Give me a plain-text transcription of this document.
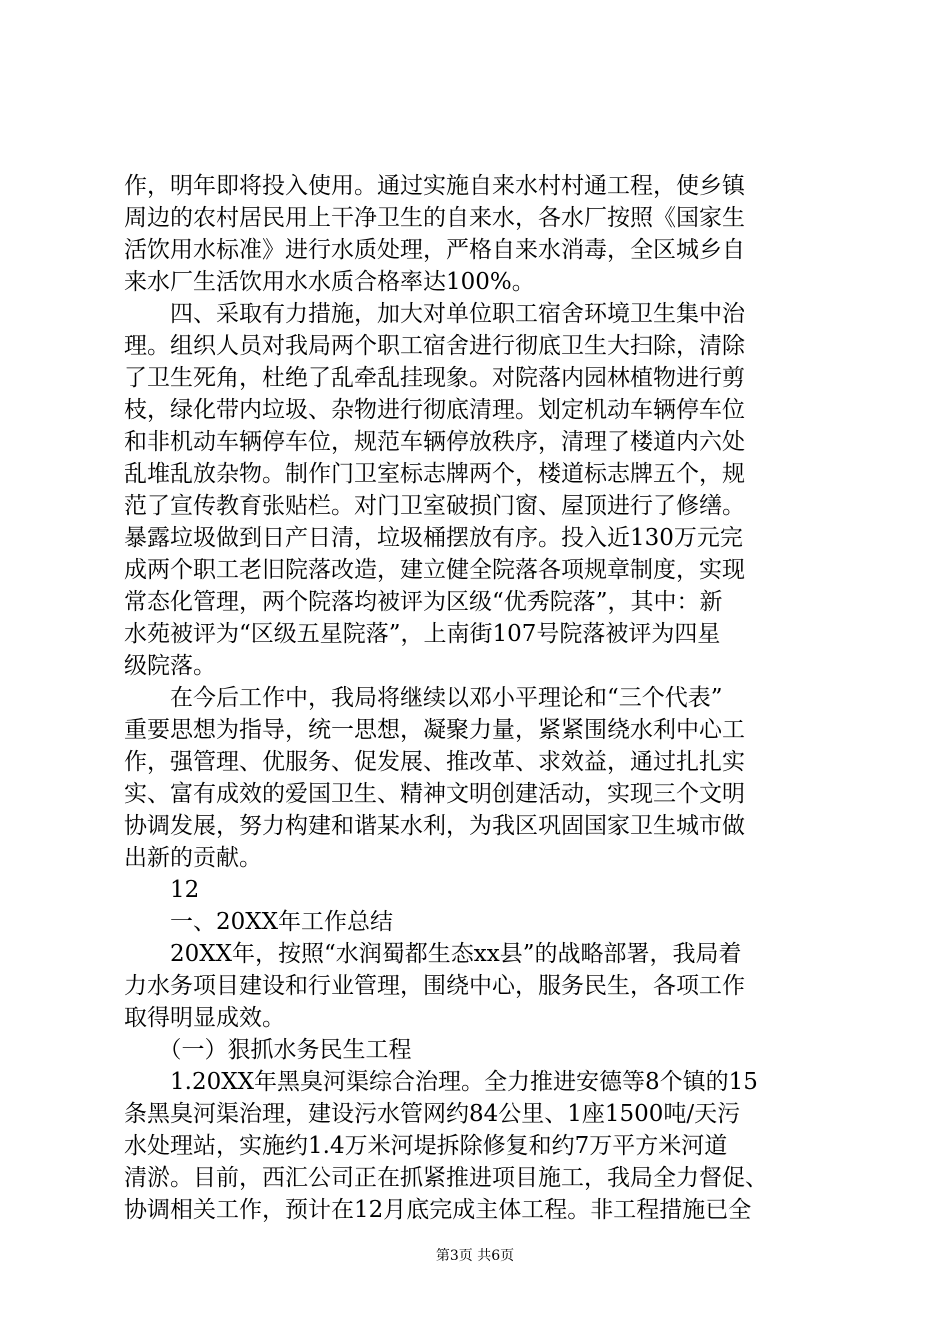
作，明年即将投入使用。通过实施自来水村村通工程，使乡镇
周边的农村居民用上干净卫生的自来水，各水厂按照《国家生
活饮用水标准》进行水质处理，严格自来水消毒，全区城乡自
来水厂生活饮用水水质合格率达100%。
　　四、采取有力措施，加大对单位职工宿舍环境卫生集中治
理。组织人员对我局两个职工宿舍进行彻底卫生大扫除，清除
了卫生死角，杜绝了乱牵乱挂现象。对院落内园林植物进行剪
枝，绿化带内垃圾、杂物进行彻底清理。划定机动车辆停车位
和非机动车辆停车位，规范车辆停放秩序，清理了楼道内六处
乱堆乱放杂物。制作门卫室标志牌两个，楼道标志牌五个，规
范了宣传教育张贴栏。对门卫室破损门窗、屋顶进行了修缮。
暴露垃圾做到日产日清，垃圾桶摆放有序。投入近130万元完
成两个职工老旧院落改造，建立健全院落各项规章制度，实现
常态化管理，两个院落均被评为区级“优秀院落”，其中：新
水苑被评为“区级五星院落”，上南街107号院落被评为四星
级院落。
　　在今后工作中，我局将继续以邓小平理论和“三个代表”
重要思想为指导，统一思想，凝聚力量，紧紧围绕水利中心工
作，强管理、优服务、促发展、推改革、求效益，通过扎扎实
实、富有成效的爱国卫生、精神文明创建活动，实现三个文明
协调发展，努力构建和谐某水利，为我区巩固国家卫生城市做
出新的贡献。
　　12
　　一、20XX年工作总结
　　20XX年，按照“水润蜀都生态xx县”的战略部署，我局着
力水务项目建设和行业管理，围绕中心，服务民生，各项工作
取得明显成效。
　　（一）狠抓水务民生工程
　　1.20XX年黑臭河渠综合治理。全力推进安德等8个镇的15
条黑臭河渠治理，建设污水管网约84公里、1座1500吨/天污
水处理站，实施约1.4万米河堤拆除修复和约7万平方米河道
清淤。目前，西汇公司正在抓紧推进项目施工，我局全力督促、
协调相关工作，预计在12月底完成主体工程。非工程措施已全
第3页 共6页
